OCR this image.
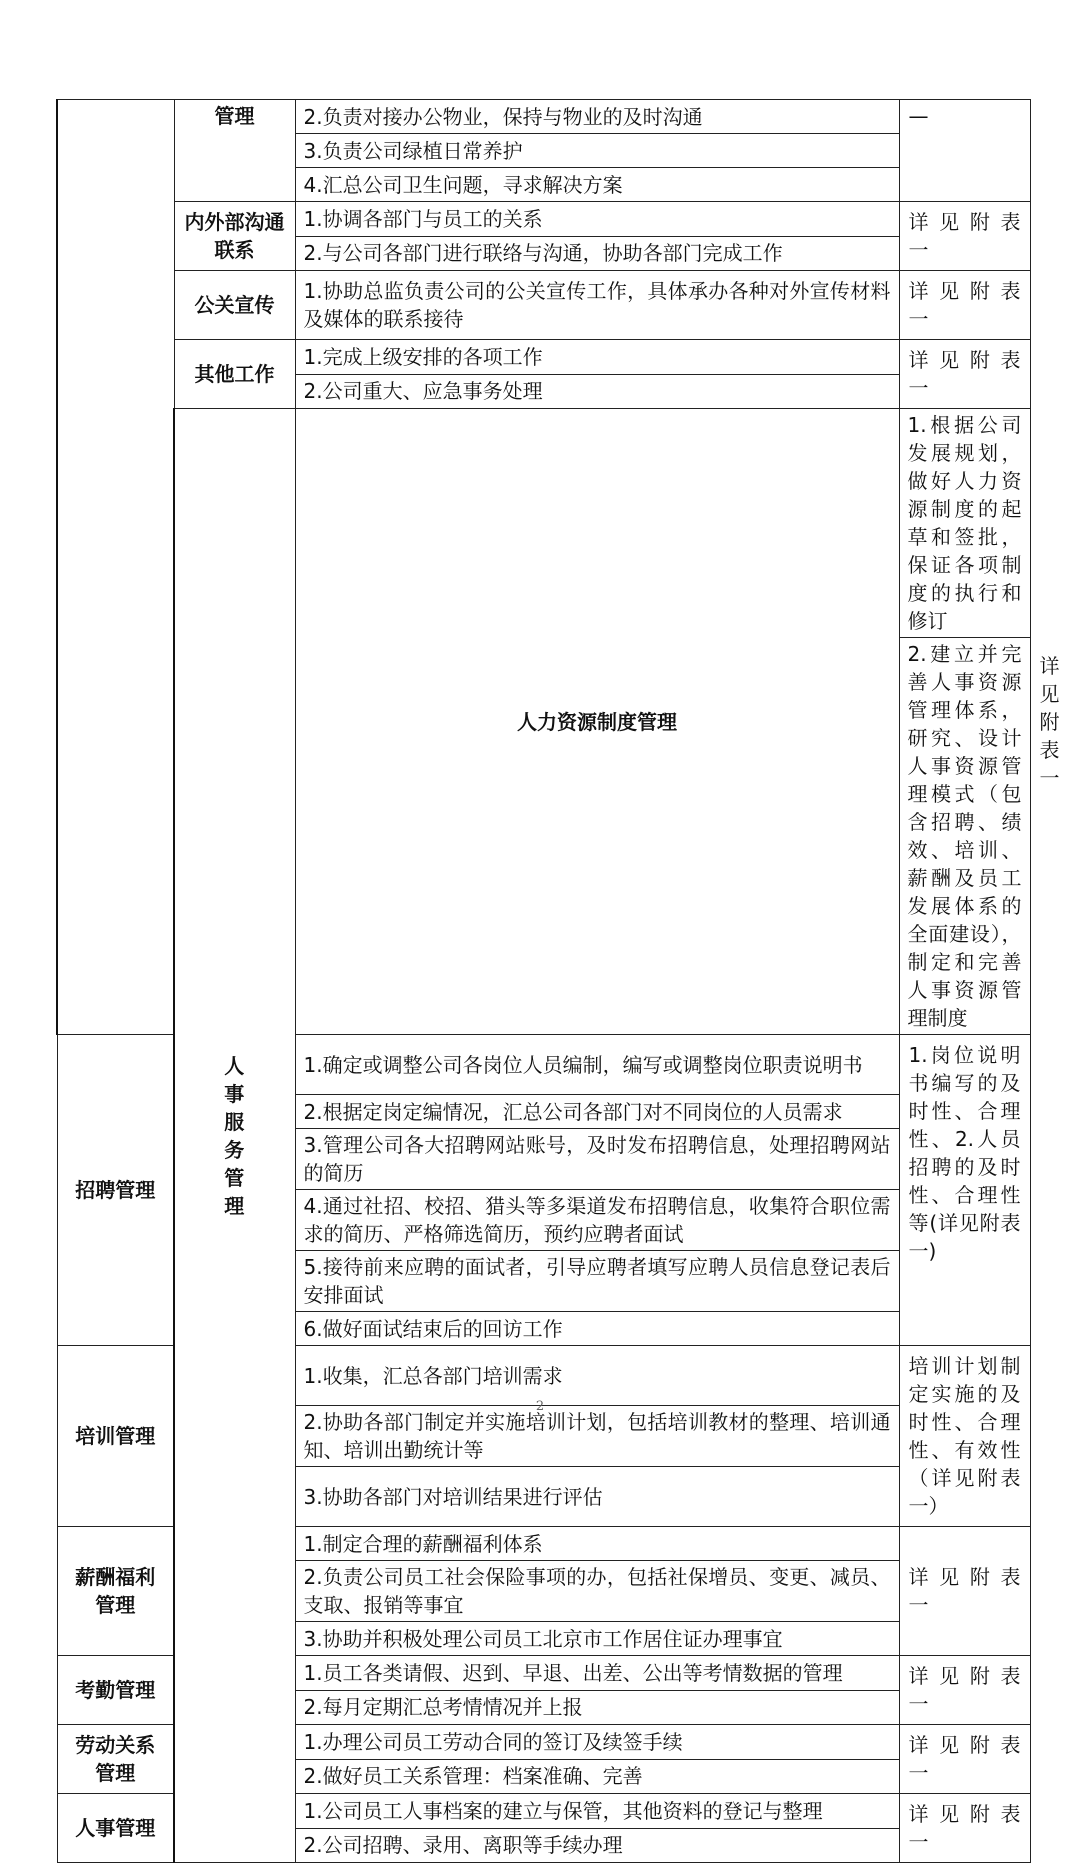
	管理	2.负责对接办公物业，保持与物业的及时沟通	—	
		3.负责公司绿植日常养护		
		4.汇总公司卫生问题，寻求解决方案		
	内外部沟通联系	1.协调各部门与员工的关系	详 见 附 表 一	
		2.与公司各部门进行联络与沟通，协助各部门完成工作		
	公关宣传	1.协助总监负责公司的公关宣传工作，具体承办各种对外宣传材料及媒体的联系接待	详 见 附 表 一	
	其他工作	1.完成上级安排的各项工作	详 见 附 表 一	
		2.公司重大、应急事务处理		
	人事服务管理	人力资源制度管理	1.根据公司发展规划，做好人力资源制度的起草和签批，保证各项制度的执行和修订	详 见 附 表 一
			2.建立并完善人事资源管理体系，研究、设计人事资源管理模式（包含招聘、绩效、培训、薪酬及员工发展体系的全面建设），制定和完善人事资源管理制度	
招聘管理		1.确定或调整公司各岗位人员编制，编写或调整岗位职责说明书	1.岗位说明书编写的及时性、合理性、2.人员招聘的及时性、合理性等(详见附表一)	
		2.根据定岗定编情况，汇总公司各部门对不同岗位的人员需求		
		3.管理公司各大招聘网站账号，及时发布招聘信息，处理招聘网站的简历		
		4.通过社招、校招、猎头等多渠道发布招聘信息，收集符合职位需求的简历、严格筛选简历，预约应聘者面试		
		5.接待前来应聘的面试者，引导应聘者填写应聘人员信息登记表后安排面试		
		6.做好面试结束后的回访工作		
培训管理		1.收集，汇总各部门培训需求	培训计划制定实施的及时性、合理性、有效性（详见附表一）	
		2.协助各部门制定并实施培训计划，包括培训教材的整理、培训通知、培训出勤统计等		
		3.协助各部门对培训结果进行评估		
薪酬福利管理		1.制定合理的薪酬福利体系	详 见 附 表 一	
		2.负责公司员工社会保险事项的办，包括社保增员、变更、减员、支取、报销等事宜		
		3.协助并积极处理公司员工北京市工作居住证办理事宜		
考勤管理		1.员工各类请假、迟到、早退、出差、公出等考情数据的管理	详 见 附 表 一	
		2.每月定期汇总考情情况并上报		
劳动关系管理		1.办理公司员工劳动合同的签订及续签手续	详 见 附 表 一	
		2.做好员工关系管理：档案准确、完善		
人事管理		1.公司员工人事档案的建立与保管，其他资料的登记与整理	详 见 附 表 一	
		2.公司招聘、录用、离职等手续办理		
2
